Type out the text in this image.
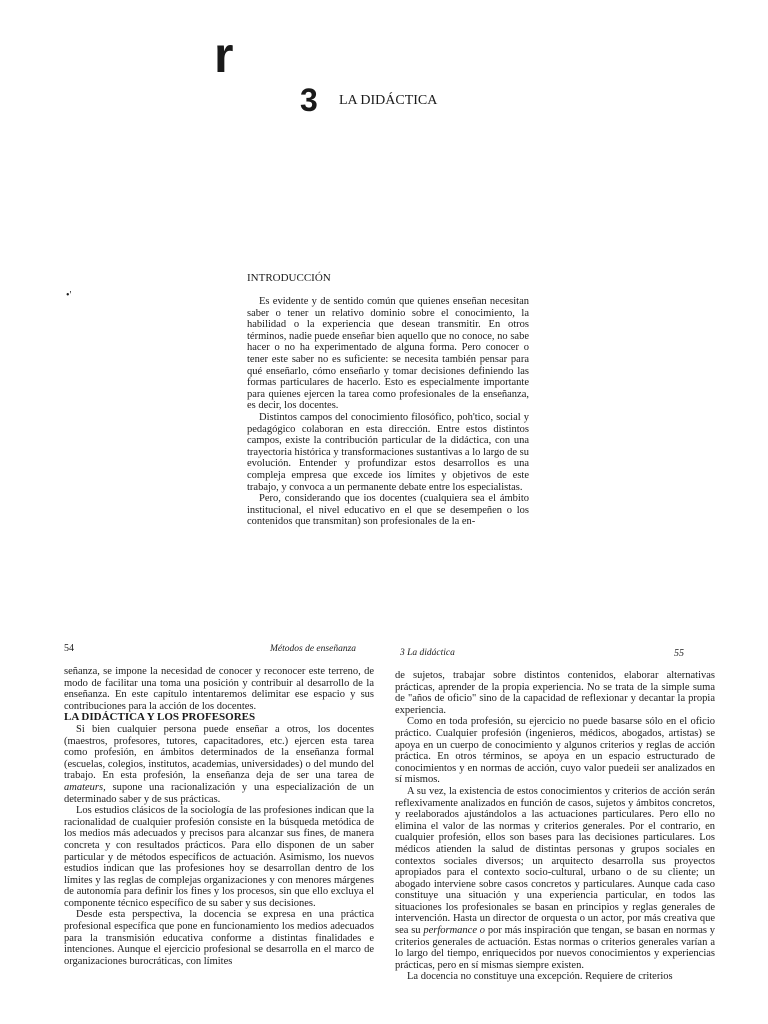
r
•'
3 LA DIDÁCTICA
INTRODUCCIÓN

Es evidente y de sentido común que quienes enseñan necesitan saber o tener un relativo dominio sobre el conocimiento, la habilidad o la experiencia que desean transmitir. En otros términos, nadie puede enseñar bien aquello que no conoce, no sabe hacer o no ha experimentado de alguna forma. Pero conocer o tener este saber no es suficiente: se necesita también pensar para qué enseñarlo, cómo enseñarlo y tomar decisiones definiendo las formas particulares de hacerlo. Esto es especialmente importante para quienes ejercen la tarea como profesionales de la enseñanza, es decir, los docentes.

Distintos campos del conocimiento filosófico, poh'tico, social y pedagógico colaboran en esta dirección. Entre estos distintos campos, existe la contribución particular de la didáctica, con una trayectoria histórica y transformaciones sustantivas a lo largo de su evolución. Entender y profundizar estos desarrollos es una compleja empresa que excede ios límites y objetivos de este trabajo, y convoca a un permanente debate entre los especialistas.

Pero, considerando que ios docentes (cualquiera sea el ámbito institucional, el nivel educativo en el que se desempeñen o los contenidos que transmitan) son profesionales de la en-

54	Métodos de enseñanza	3 La didáctica	55

señanza, se impone la necesidad de conocer y reconocer este terreno, de modo de facilitar una toma una posición y contribuir al desarrollo de la enseñanza. En este capítulo intentaremos delimitar ese espacio y sus contribuciones para la acción de los docentes.

LA DIDÁCTICA Y LOS PROFESORES

Si bien cualquier persona puede enseñar a otros, los docentes (maestros, profesores, tutores, capacitadores, etc.) ejercen esta tarea como profesión, en ámbitos determinados de la enseñanza formal (escuelas, colegios, institutos, academias, universidades) o del mundo del trabajo. En esta profesión, la enseñanza deja de ser una tarea de amateurs, supone una racionalización y una especialización de un determinado saber y de sus prácticas.

Los estudios clásicos de la sociología de las profesiones indican que la racionalidad de cualquier profesión consiste en la búsqueda metódica de los medios más adecuados y precisos para alcanzar sus fines, de manera concreta y con resultados prácticos. Para ello disponen de un saber particular y de métodos específicos de actuación. Asimismo, los nuevos estudios indican que las profesiones hoy se desarrollan dentro de los límites y las reglas de complejas organizaciones y con menores márgenes de autonomía para definir los fines y los procesos, sin que ello excluya el componente técnico específico de su saber y sus decisiones.

Desde esta perspectiva, la docencia se expresa en una práctica profesional específica que pone en funcionamiento los medios adecuados para la transmisión educativa conforme a distintas finalidades e intenciones. Aunque el ejercicio profesional se desarrolla en el marco de organizaciones burocráticas, con límites

de sujetos, trabajar sobre distintos contenidos, elaborar alternativas prácticas, aprender de la propia experiencia. No se trata de la simple suma de "años de oficio" sino de la capacidad de reflexionar y decantar la propia experiencia.

Como en toda profesión, su ejercicio no puede basarse sólo en el oficio práctico. Cualquier profesión (ingenieros, médicos, abogados, artistas) se apoya en un cuerpo de conocimiento y algunos criterios y reglas de acción práctica. En otros términos, se apoya en un espacio estructurado de conocimientos y en normas de acción, cuyo valor puedeii ser analizados en sí mismos.

A su vez, la existencia de estos conocimientos y criterios de acción serán reflexivamente analizados en función de casos, sujetos y ámbitos concretos, y reelaborados ajustándolos a las actuaciones particulares. Pero ello no elimina el valor de las normas y criterios generales. Por el contrario, en cualquier profesión, ellos son bases para las decisiones particulares. Los médicos atienden la salud de distintas personas y grupos sociales en contextos sociales diversos; un arquitecto desarrolla sus proyectos apropiados para el contexto socio-cultural, urbano o de su cliente; un abogado interviene sobre casos concretos y particulares. Aunque cada caso constituye una situación y una experiencia particular, en todos las situaciones los profesionales se basan en principios y reglas generales de intervención. Hasta un director de orquesta o un actor, por más creativa que sea su performance o por más inspiración que tengan, se basan en normas y criterios generales de actuación. Estas normas o criterios generales varían a lo largo del tiempo, enriquecidos por nuevos conocimientos y experiencias prácticas, pero en sí mismas siempre existen.

La docencia no constituye una excepción. Requiere de criterios
